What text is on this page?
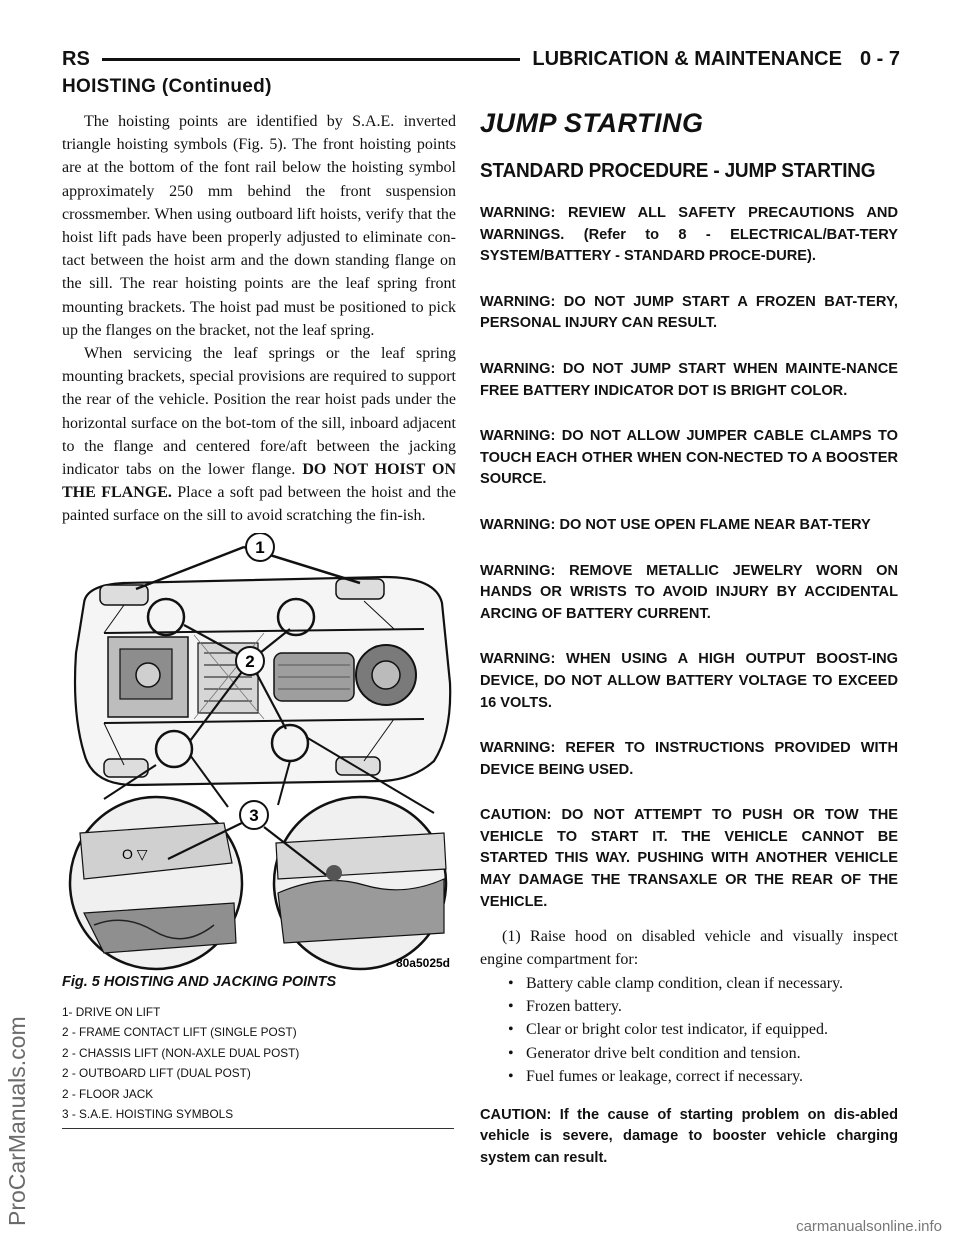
RS	LUBRICATION & MAINTENANCE 0 - 7
HOISTING (Continued)

The hoisting points are identified by S.A.E. inverted triangle hoisting symbols (Fig. 5). The front hoisting points are at the bottom of the font rail below the hoisting symbol approximately 250 mm behind the front suspension crossmember. When using outboard lift hoists, verify that the hoist lift pads have been properly adjusted to eliminate con-tact between the hoist arm and the down standing flange on the sill. The rear hoisting points are the leaf spring front mounting brackets. The hoist pad must be positioned to pick up the flanges on the bracket, not the leaf spring.

When servicing the leaf springs or the leaf spring mounting brackets, special provisions are required to support the rear of the vehicle. Position the rear hoist pads under the horizontal surface on the bot-tom of the sill, inboard adjacent to the flange and centered fore/aft between the jacking indicator tabs on the lower flange. DO NOT HOIST ON THE FLANGE. Place a soft pad between the hoist and the painted surface on the sill to avoid scratching the fin-ish.

1
2
O ▽
3
80a5025d
Fig. 5 HOISTING AND JACKING POINTS
1- DRIVE ON LIFT
2 - FRAME CONTACT LIFT (SINGLE POST)
2 - CHASSIS LIFT (NON-AXLE DUAL POST)
2 - OUTBOARD LIFT (DUAL POST)
2 - FLOOR JACK
3 - S.A.E. HOISTING SYMBOLS
JUMP STARTING
STANDARD PROCEDURE - JUMP STARTING

WARNING: REVIEW ALL SAFETY PRECAUTIONS AND WARNINGS. (Refer to 8 - ELECTRICAL/BAT-TERY SYSTEM/BATTERY - STANDARD PROCE-DURE).

WARNING: DO NOT JUMP START A FROZEN BAT-TERY, PERSONAL INJURY CAN RESULT.

WARNING: DO NOT JUMP START WHEN MAINTE-NANCE FREE BATTERY INDICATOR DOT IS BRIGHT COLOR.

WARNING: DO NOT ALLOW JUMPER CABLE CLAMPS TO TOUCH EACH OTHER WHEN CON-NECTED TO A BOOSTER SOURCE.

WARNING: DO NOT USE OPEN FLAME NEAR BAT-TERY

WARNING: REMOVE METALLIC JEWELRY WORN ON HANDS OR WRISTS TO AVOID INJURY BY ACCIDENTAL ARCING OF BATTERY CURRENT.

WARNING: WHEN USING A HIGH OUTPUT BOOST-ING DEVICE, DO NOT ALLOW BATTERY VOLTAGE TO EXCEED 16 VOLTS.

WARNING: REFER TO INSTRUCTIONS PROVIDED WITH DEVICE BEING USED.

CAUTION: DO NOT ATTEMPT TO PUSH OR TOW THE VEHICLE TO START IT. THE VEHICLE CANNOT BE STARTED THIS WAY. PUSHING WITH ANOTHER VEHICLE MAY DAMAGE THE TRANSAXLE OR THE REAR OF THE VEHICLE.

(1) Raise hood on disabled vehicle and visually inspect engine compartment for:

• Battery cable clamp condition, clean if necessary.
• Frozen battery.
• Clear or bright color test indicator, if equipped.
• Generator drive belt condition and tension.
• Fuel fumes or leakage, correct if necessary.

CAUTION: If the cause of starting problem on dis-abled vehicle is severe, damage to booster vehicle charging system can result.

ProCarManuals.com
carmanualsonline.info
